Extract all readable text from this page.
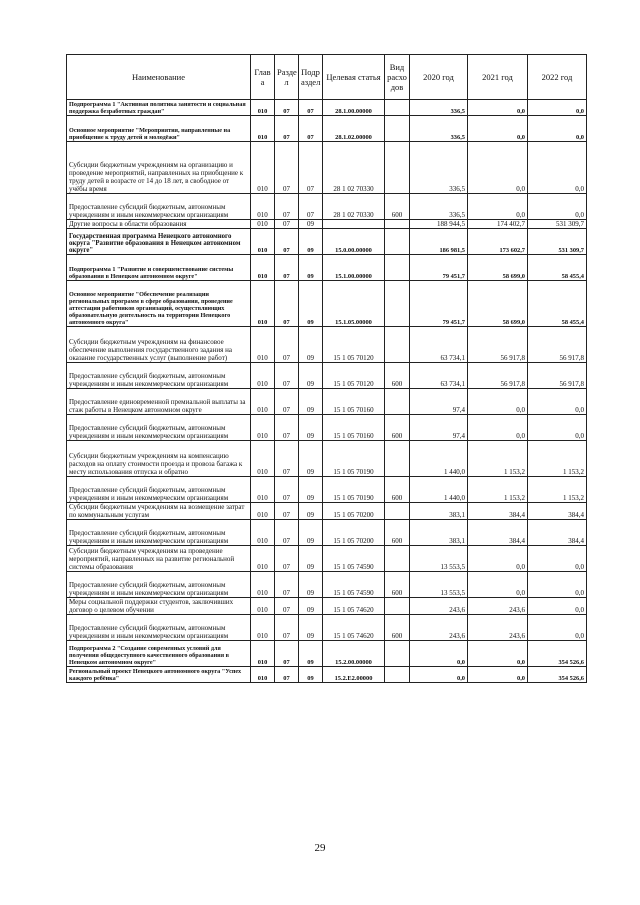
Наименование	Глав а	Разде л	Подр аздел	Целевая статья	Вид расхо дов	2020 год	2021 год	2022 год
Подпрограмма 1 "Активная политика занятости и социальная поддержка безработных граждан"	010	07	07	28.1.00.00000		336,5	0,0	0,0
Основное мероприятие "Мероприятия, направленные на приобщение к труду детей и молодёжи"	010	07	07	28.1.02.00000		336,5	0,0	0,0
Субсидии бюджетным учреждениям на организацию и проведение мероприятий, направленных на приобщение к труду детей в возрасте от 14 до 18 лет, в свободное от учёбы время	010	07	07	28 1 02 70330		336,5	0,0	0,0
Предоставление субсидий бюджетным, автономным учреждениям и иным некоммерческим организациям	010	07	07	28 1 02 70330	600	336,5	0,0	0,0
Другие вопросы в области образования	010	07	09			188 944,5	174 402,7	531 309,7
Государственная программа Ненецкого автономного округа "Развитие образования в Ненецком автономном округе"	010	07	09	15.0.00.00000		186 981,5	173 602,7	531 309,7
Подпрограмма 1 "Развитие и совершенствование системы образования в Ненецком автономном округе"	010	07	09	15.1.00.00000		79 451,7	58 699,0	58 455,4
Основное мероприятие "Обеспечение реализации региональных программ в сфере образования, проведение аттестации работников организаций, осуществляющих образовательную деятельность на территории Ненецкого автономного округа"	010	07	09	15.1.05.00000		79 451,7	58 699,0	58 455,4
Субсидии бюджетным учреждениям на финансовое обеспечение выполнения государственного задания на оказание государственных услуг (выполнение работ)	010	07	09	15 1 05 70120		63 734,1	56 917,8	56 917,8
Предоставление субсидий бюджетным, автономным учреждениям и иным некоммерческим организациям	010	07	09	15 1 05 70120	600	63 734,1	56 917,8	56 917,8
Предоставление единовременной премиальной выплаты за стаж работы в Ненецком автономном округе	010	07	09	15 1 05 70160		97,4	0,0	0,0
Предоставление субсидий бюджетным, автономным учреждениям и иным некоммерческим организациям	010	07	09	15 1 05 70160	600	97,4	0,0	0,0
Субсидии бюджетным учреждениям на компенсацию расходов на оплату стоимости проезда и провоза багажа к месту использования отпуска и обратно	010	07	09	15 1 05 70190		1 440,0	1 153,2	1 153,2
Предоставление субсидий бюджетным, автономным учреждениям и иным некоммерческим организациям	010	07	09	15 1 05 70190	600	1 440,0	1 153,2	1 153,2
Субсидии бюджетным учреждениям на возмещение затрат по коммунальным услугам	010	07	09	15 1 05 70200		383,1	384,4	384,4
Предоставление субсидий бюджетным, автономным учреждениям и иным некоммерческим организациям	010	07	09	15 1 05 70200	600	383,1	384,4	384,4
Субсидии бюджетным учреждениям на проведение мероприятий, направленных на развитие региональной системы образования	010	07	09	15 1 05 74590		13 553,5	0,0	0,0
Предоставление субсидий бюджетным, автономным учреждениям и иным некоммерческим организациям	010	07	09	15 1 05 74590	600	13 553,5	0,0	0,0
Меры социальной поддержки студентов, заключивших договор о целевом обучении	010	07	09	15 1 05 74620		243,6	243,6	0,0
Предоставление субсидий бюджетным, автономным учреждениям и иным некоммерческим организациям	010	07	09	15 1 05 74620	600	243,6	243,6	0,0
Подпрограмма 2 "Создание современных условий для получения общедоступного качественного образования в Ненецком автономном округе"	010	07	09	15.2.00.00000		0,0	0,0	354 526,6
Региональный проект Ненецкого автономного округа "Успех каждого ребёнка"	010	07	09	15.2.E2.00000		0,0	0,0	354 526,6
29
